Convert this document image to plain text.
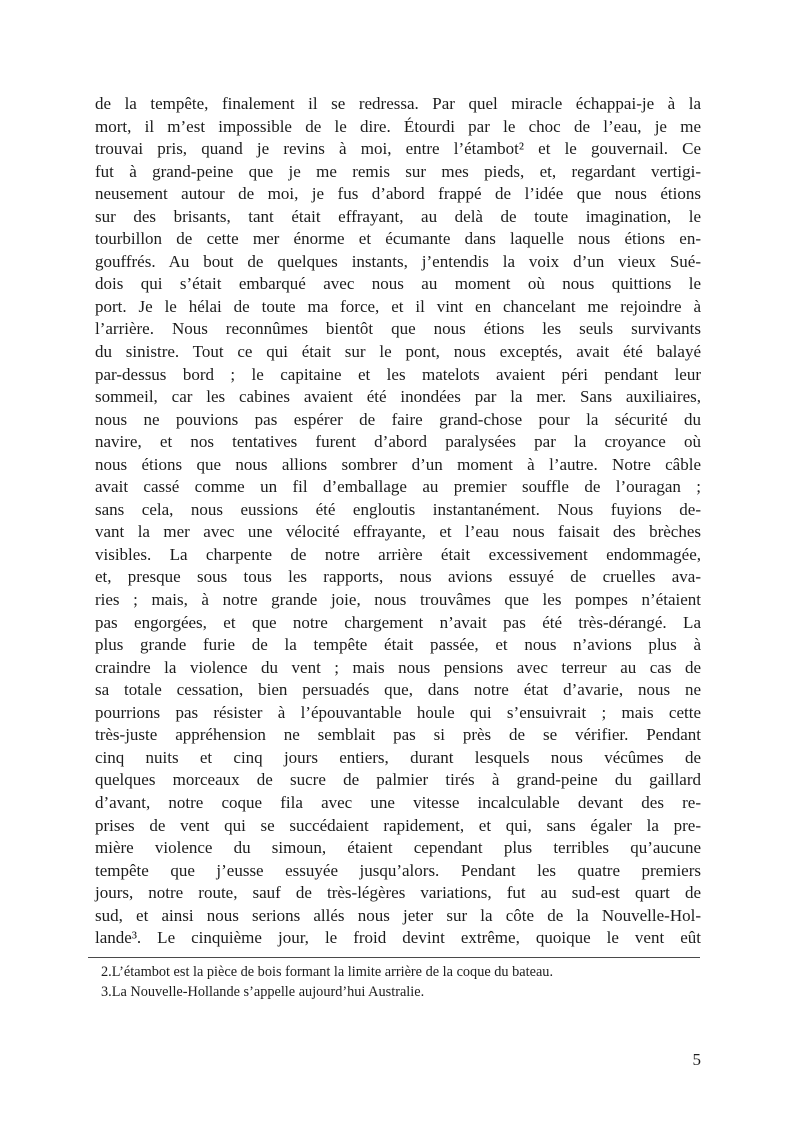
de la tempête, finalement il se redressa. Par quel miracle échappai-je à la
mort, il m’est impossible de le dire. Étourdi par le choc de l’eau, je me
trouvai pris, quand je revins à moi, entre l’étambot² et le gouvernail. Ce
fut à grand-peine que je me remis sur mes pieds, et, regardant vertigi-
neusement autour de moi, je fus d’abord frappé de l’idée que nous étions
sur des brisants, tant était effrayant, au delà de toute imagination, le
tourbillon de cette mer énorme et écumante dans laquelle nous étions en-
gouffrés. Au bout de quelques instants, j’entendis la voix d’un vieux Sué-
dois qui s’était embarqué avec nous au moment où nous quittions le
port. Je le hélai de toute ma force, et il vint en chancelant me rejoindre à
l’arrière. Nous reconnûmes bientôt que nous étions les seuls survivants
du sinistre. Tout ce qui était sur le pont, nous exceptés, avait été balayé
par-dessus bord ; le capitaine et les matelots avaient péri pendant leur
sommeil, car les cabines avaient été inondées par la mer. Sans auxiliaires,
nous ne pouvions pas espérer de faire grand-chose pour la sécurité du
navire, et nos tentatives furent d’abord paralysées par la croyance où
nous étions que nous allions sombrer d’un moment à l’autre. Notre câble
avait cassé comme un fil d’emballage au premier souffle de l’ouragan ;
sans cela, nous eussions été engloutis instantanément. Nous fuyions de-
vant la mer avec une vélocité effrayante, et l’eau nous faisait des brèches
visibles. La charpente de notre arrière était excessivement endommagée,
et, presque sous tous les rapports, nous avions essuyé de cruelles ava-
ries ; mais, à notre grande joie, nous trouvâmes que les pompes n’étaient
pas engorgées, et que notre chargement n’avait pas été très-dérangé. La
plus grande furie de la tempête était passée, et nous n’avions plus à
craindre la violence du vent ; mais nous pensions avec terreur au cas de
sa totale cessation, bien persuadés que, dans notre état d’avarie, nous ne
pourrions pas résister à l’épouvantable houle qui s’ensuivrait ; mais cette
très-juste appréhension ne semblait pas si près de se vérifier. Pendant
cinq nuits et cinq jours entiers, durant lesquels nous vécûmes de
quelques morceaux de sucre de palmier tirés à grand-peine du gaillard
d’avant, notre coque fila avec une vitesse incalculable devant des re-
prises de vent qui se succédaient rapidement, et qui, sans égaler la pre-
mière violence du simoun, étaient cependant plus terribles qu’aucune
tempête que j’eusse essuyée jusqu’alors. Pendant les quatre premiers
jours, notre route, sauf de très-légères variations, fut au sud-est quart de
sud, et ainsi nous serions allés nous jeter sur la côte de la Nouvelle-Hol-
lande³. Le cinquième jour, le froid devint extrême, quoique le vent eût
2.L’étambot est la pièce de bois formant la limite arrière de la coque du bateau.
3.La Nouvelle-Hollande s’appelle aujourd’hui Australie.
5
